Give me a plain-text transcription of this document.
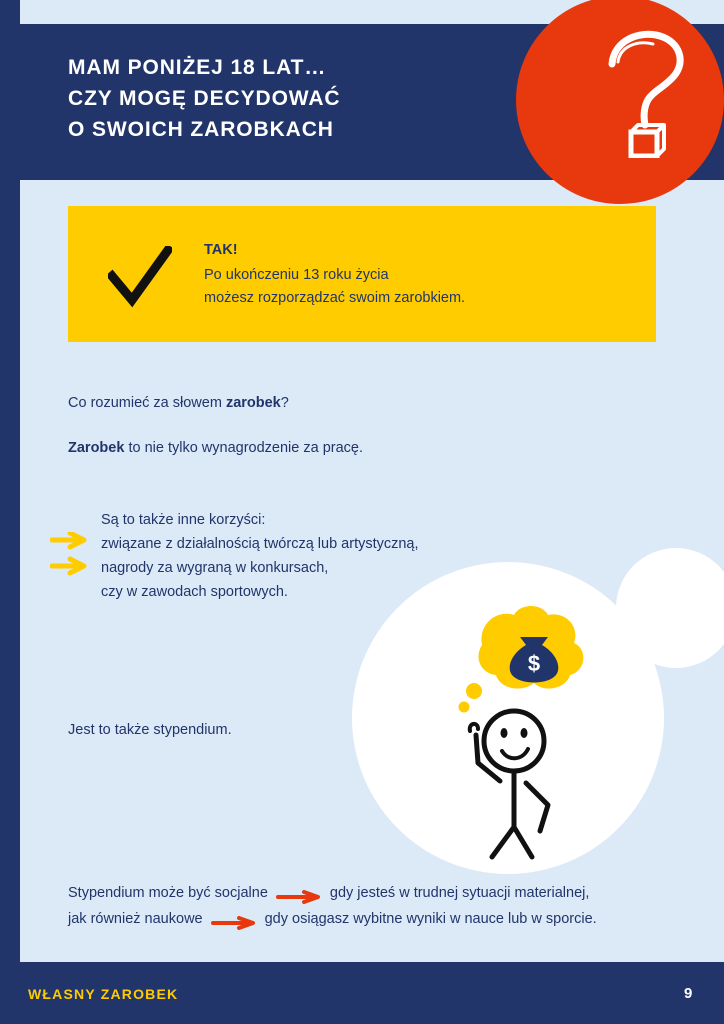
MAM PONIŻEJ 18 LAT…
CZY MOGĘ DECYDOWAĆ
O SWOICH ZAROBKACH
TAK!
Po ukończeniu 13 roku życia
możesz rozporządzać swoim zarobkiem.
Co rozumieć za słowem zarobek?
Zarobek to nie tylko wynagrodzenie za pracę.
Są to także inne korzyści:
związane z działalnością twórczą lub artystyczną,
nagrody za wygraną w konkursach,
czy w zawodach sportowych.
$
Jest to także stypendium.
Stypendium może być socjalne	gdy jesteś w trudnej sytuacji materialnej,
jak również naukowe	gdy osiągasz wybitne wyniki w nauce lub w sporcie.
WŁASNY ZAROBEK	9
